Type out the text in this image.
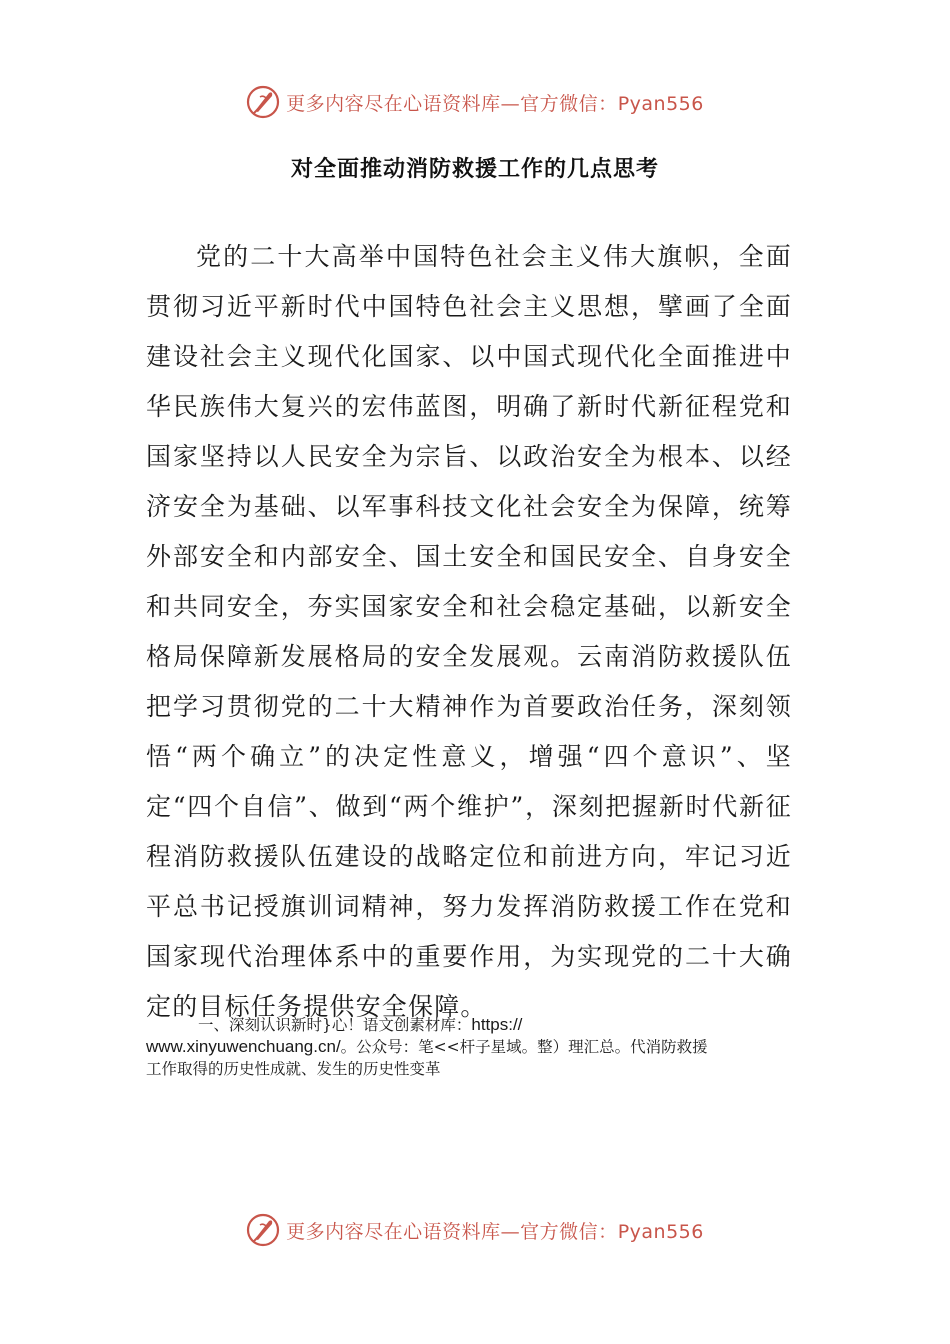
更多内容尽在心语资料库—官方微信：Pyan556
对全面推动消防救援工作的几点思考

党的二十大高举中国特色社会主义伟大旗帜，全面贯彻习近平新时代中国特色社会主义思想，擘画了全面建设社会主义现代化国家、以中国式现代化全面推进中华民族伟大复兴的宏伟蓝图，明确了新时代新征程党和国家坚持以人民安全为宗旨、以政治安全为根本、以经济安全为基础、以军事科技文化社会安全为保障，统筹外部安全和内部安全、国土安全和国民安全、自身安全和共同安全，夯实国家安全和社会稳定基础，以新安全格局保障新发展格局的安全发展观。云南消防救援队伍把学习贯彻党的二十大精神作为首要政治任务，深刻领悟“两个确立”的决定性意义，增强“四个意识”、坚定“四个自信”、做到“两个维护”，深刻把握新时代新征程消防救援队伍建设的战略定位和前进方向，牢记习近平总书记授旗训词精神，努力发挥消防救援工作在党和国家现代治理体系中的重要作用，为实现党的二十大确定的目标任务提供安全保障。

一、深刻认识新时}心！语文创素材库：https://
www.xinyuwenchuang.cn/。公众号：笔<<杆子星域。整）理汇总。代消防救援
工作取得的历史性成就、发生的历史性变革
更多内容尽在心语资料库—官方微信：Pyan556
